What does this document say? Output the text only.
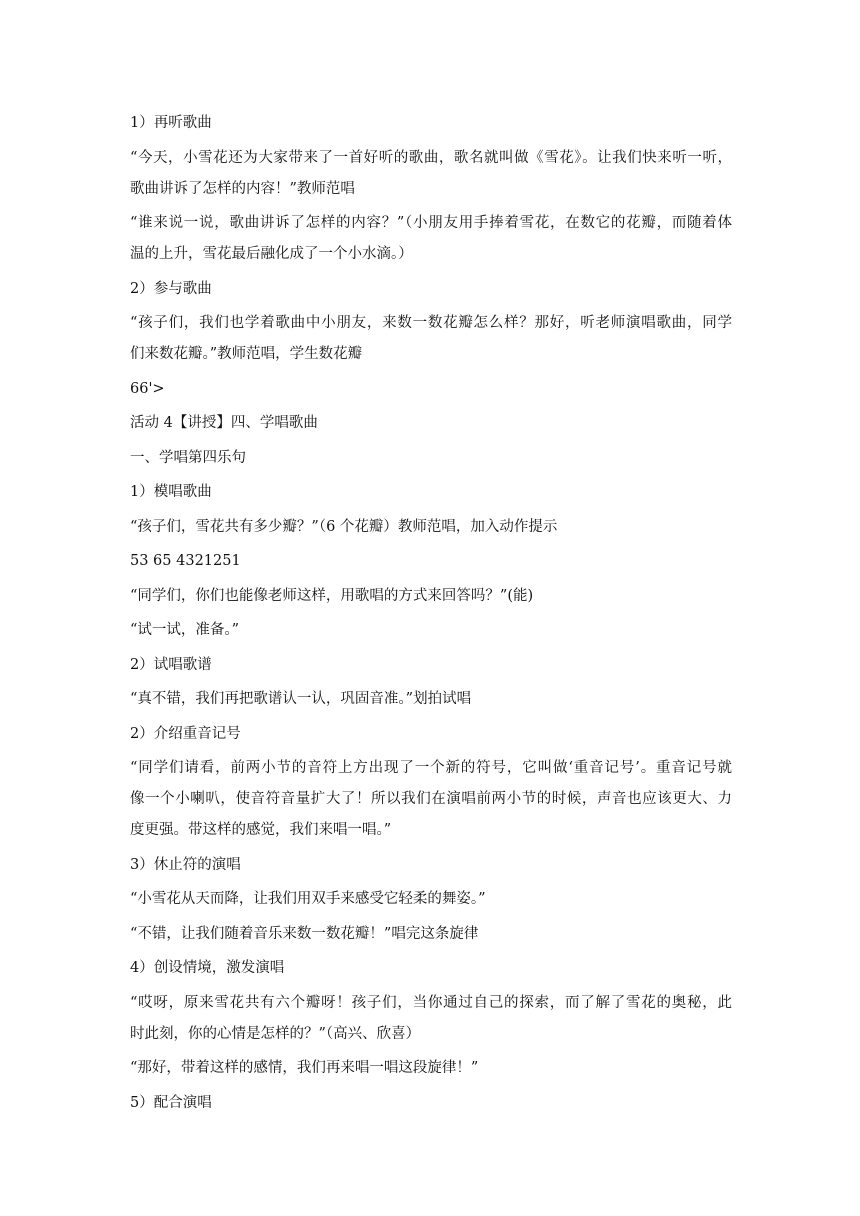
1）再听歌曲
“今天，小雪花还为大家带来了一首好听的歌曲，歌名就叫做《雪花》。让我们快来听一听，
歌曲讲诉了怎样的内容！”教师范唱
“谁来说一说，歌曲讲诉了怎样的内容？”（小朋友用手捧着雪花，在数它的花瓣，而随着体
温的上升，雪花最后融化成了一个小水滴。）
2）参与歌曲
“孩子们，我们也学着歌曲中小朋友，来数一数花瓣怎么样？那好，听老师演唱歌曲，同学
们来数花瓣。”教师范唱，学生数花瓣
66'>
活动 4【讲授】四、学唱歌曲
一、学唱第四乐句
1）模唱歌曲
“孩子们，雪花共有多少瓣？”（6 个花瓣）教师范唱，加入动作提示
53 65 4321251
“同学们，你们也能像老师这样，用歌唱的方式来回答吗？”(能)
“试一试，准备。”
2）试唱歌谱
“真不错，我们再把歌谱认一认，巩固音准。”划拍试唱
2）介绍重音记号
“同学们请看，前两小节的音符上方出现了一个新的符号，它叫做‘重音记号’。重音记号就
像一个小喇叭，使音符音量扩大了！所以我们在演唱前两小节的时候，声音也应该更大、力
度更强。带这样的感觉，我们来唱一唱。”
3）休止符的演唱
“小雪花从天而降，让我们用双手来感受它轻柔的舞姿。”
“不错，让我们随着音乐来数一数花瓣！”唱完这条旋律
4）创设情境，激发演唱
“哎呀，原来雪花共有六个瓣呀！孩子们，当你通过自己的探索，而了解了雪花的奥秘，此
时此刻，你的心情是怎样的？”（高兴、欣喜）
“那好，带着这样的感情，我们再来唱一唱这段旋律！”
5）配合演唱
